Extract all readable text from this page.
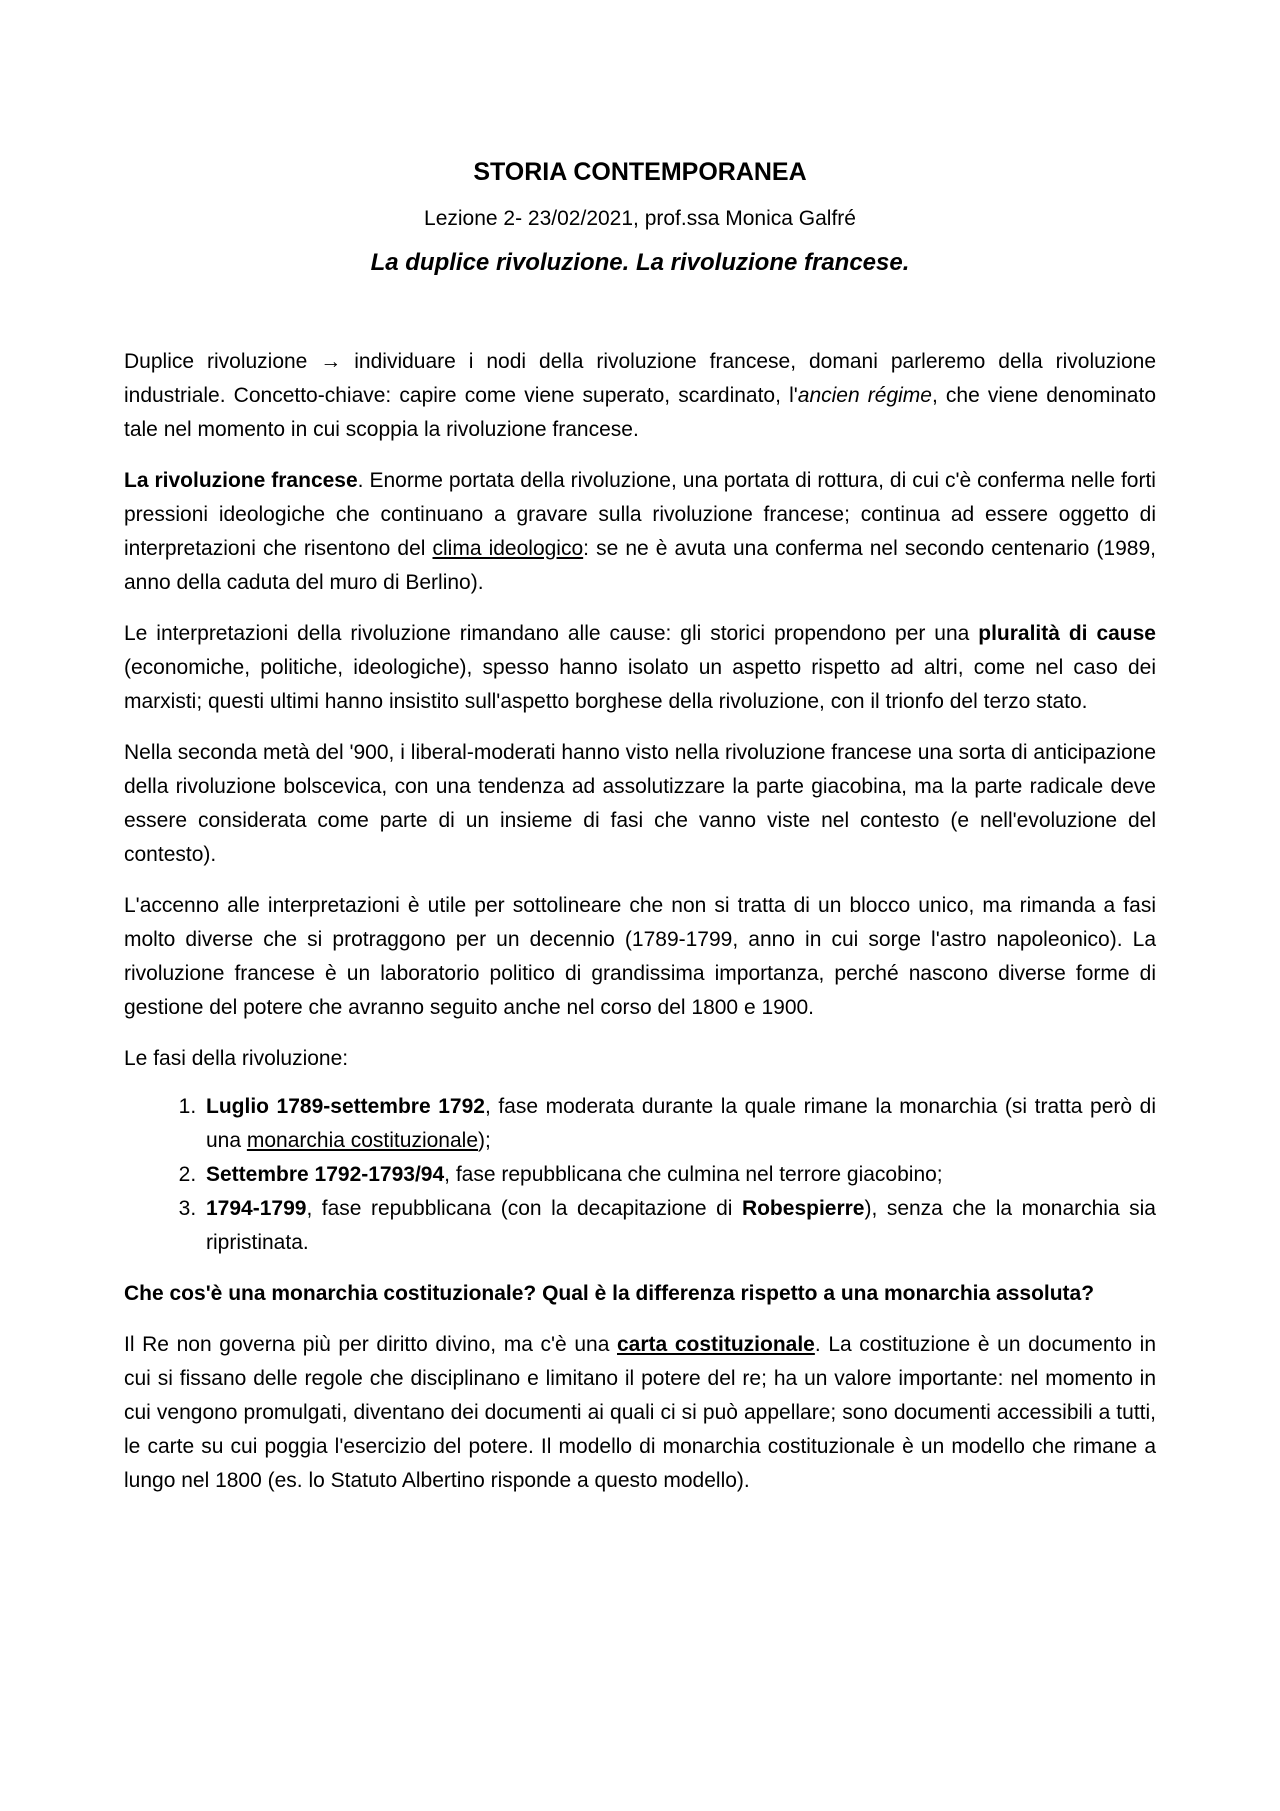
STORIA CONTEMPORANEA
Lezione 2- 23/02/2021, prof.ssa Monica Galfré
La duplice rivoluzione. La rivoluzione francese.

Duplice rivoluzione → individuare i nodi della rivoluzione francese, domani parleremo della rivoluzione industriale. Concetto-chiave: capire come viene superato, scardinato, l'ancien régime, che viene denominato tale nel momento in cui scoppia la rivoluzione francese.

La rivoluzione francese. Enorme portata della rivoluzione, una portata di rottura, di cui c'è conferma nelle forti pressioni ideologiche che continuano a gravare sulla rivoluzione francese; continua ad essere oggetto di interpretazioni che risentono del clima ideologico: se ne è avuta una conferma nel secondo centenario (1989, anno della caduta del muro di Berlino).

Le interpretazioni della rivoluzione rimandano alle cause: gli storici propendono per una pluralità di cause (economiche, politiche, ideologiche), spesso hanno isolato un aspetto rispetto ad altri, come nel caso dei marxisti; questi ultimi hanno insistito sull'aspetto borghese della rivoluzione, con il trionfo del terzo stato.

Nella seconda metà del '900, i liberal-moderati hanno visto nella rivoluzione francese una sorta di anticipazione della rivoluzione bolscevica, con una tendenza ad assolutizzare la parte giacobina, ma la parte radicale deve essere considerata come parte di un insieme di fasi che vanno viste nel contesto (e nell'evoluzione del contesto).

L'accenno alle interpretazioni è utile per sottolineare che non si tratta di un blocco unico, ma rimanda a fasi molto diverse che si protraggono per un decennio (1789-1799, anno in cui sorge l'astro napoleonico). La rivoluzione francese è un laboratorio politico di grandissima importanza, perché nascono diverse forme di gestione del potere che avranno seguito anche nel corso del 1800 e 1900.

Le fasi della rivoluzione:

1. Luglio 1789-settembre 1792, fase moderata durante la quale rimane la monarchia (si tratta però di una monarchia costituzionale);
2. Settembre 1792-1793/94, fase repubblicana che culmina nel terrore giacobino;
3. 1794-1799, fase repubblicana (con la decapitazione di Robespierre), senza che la monarchia sia ripristinata.

Che cos'è una monarchia costituzionale? Qual è la differenza rispetto a una monarchia assoluta?

Il Re non governa più per diritto divino, ma c'è una carta costituzionale. La costituzione è un documento in cui si fissano delle regole che disciplinano e limitano il potere del re; ha un valore importante: nel momento in cui vengono promulgati, diventano dei documenti ai quali ci si può appellare; sono documenti accessibili a tutti, le carte su cui poggia l'esercizio del potere. Il modello di monarchia costituzionale è un modello che rimane a lungo nel 1800 (es. lo Statuto Albertino risponde a questo modello).
